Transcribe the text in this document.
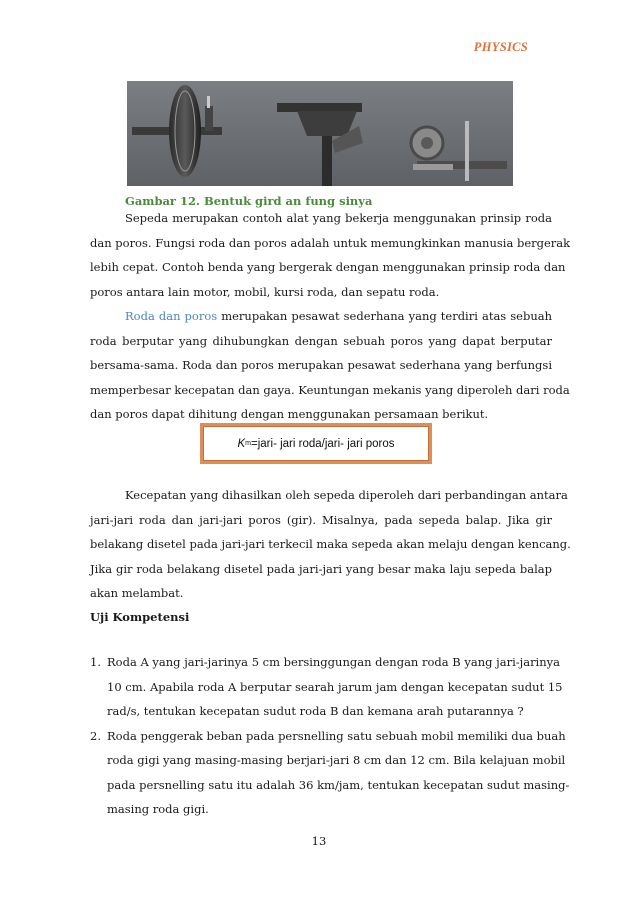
PHYSICS
Gambar 12. Bentuk gird an fung sinya
Sepeda merupakan contoh alat yang bekerja menggunakan prinsip roda
dan poros. Fungsi roda dan poros adalah untuk memungkinkan manusia bergerak
lebih cepat. Contoh benda yang bergerak dengan menggunakan prinsip roda dan
poros antara lain motor, mobil, kursi roda, dan sepatu roda.
Roda dan poros merupakan pesawat sederhana yang terdiri atas sebuah
roda berputar yang dihubungkan dengan sebuah poros yang dapat berputar
bersama-sama. Roda dan poros merupakan pesawat sederhana yang berfungsi
memperbesar kecepatan dan gaya. Keuntungan mekanis yang diperoleh dari roda
dan poros dapat dihitung dengan menggunakan persamaan berikut.
K m =jari- jari roda/jari- jari poros
Kecepatan yang dihasilkan oleh sepeda diperoleh dari perbandingan antara
jari-jari roda dan jari-jari poros (gir). Misalnya, pada sepeda balap. Jika gir
belakang disetel pada jari-jari terkecil maka sepeda akan melaju dengan kencang.
Jika gir roda belakang disetel pada jari-jari yang besar maka laju sepeda balap
akan melambat.
Uji Kompetensi
1. Roda A yang jari-jarinya 5 cm bersinggungan dengan roda B yang jari-jarinya
10 cm. Apabila roda A berputar searah jarum jam dengan kecepatan sudut 15
rad/s, tentukan kecepatan sudut roda B dan kemana arah putarannya ?
2. Roda penggerak beban pada persnelling satu sebuah mobil memiliki dua buah
roda gigi yang masing-masing berjari-jari 8 cm dan 12 cm. Bila kelajuan mobil
pada persnelling satu itu adalah 36 km/jam, tentukan kecepatan sudut masing-
masing roda gigi.
13
